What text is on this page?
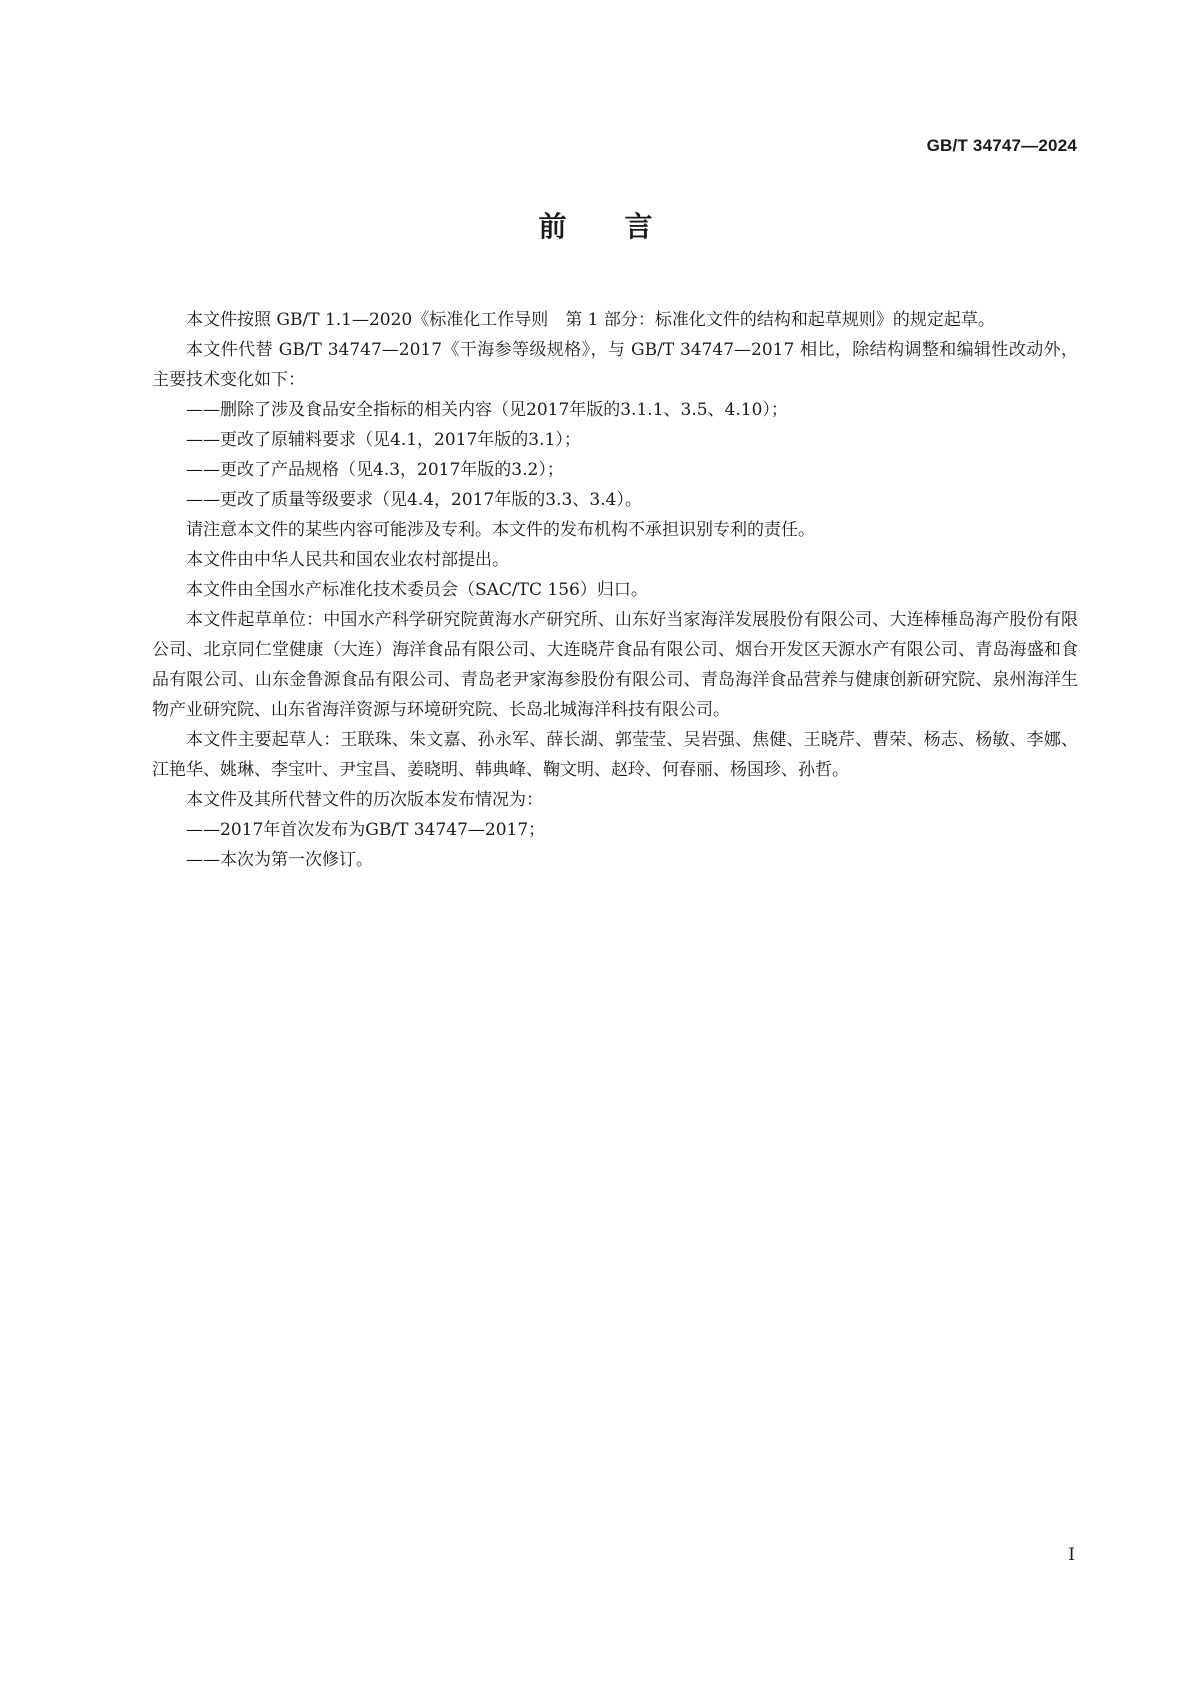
GB/T 34747—2024
前言

本文件按照 GB/T 1.1—2020《标准化工作导则　第 1 部分：标准化文件的结构和起草规则》的规定起草。

本文件代替 GB/T 34747—2017《干海参等级规格》，与 GB/T 34747—2017 相比，除结构调整和编辑性改动外，主要技术变化如下：

——删除了涉及食品安全指标的相关内容（见2017年版的3.1.1、3.5、4.10）；

——更改了原辅料要求（见4.1，2017年版的3.1）；

——更改了产品规格（见4.3，2017年版的3.2）；

——更改了质量等级要求（见4.4，2017年版的3.3、3.4）。

请注意本文件的某些内容可能涉及专利。本文件的发布机构不承担识别专利的责任。

本文件由中华人民共和国农业农村部提出。

本文件由全国水产标准化技术委员会（SAC/TC 156）归口。

本文件起草单位：中国水产科学研究院黄海水产研究所、山东好当家海洋发展股份有限公司、大连棒棰岛海产股份有限公司、北京同仁堂健康（大连）海洋食品有限公司、大连晓芹食品有限公司、烟台开发区天源水产有限公司、青岛海盛和食品有限公司、山东金鲁源食品有限公司、青岛老尹家海参股份有限公司、青岛海洋食品营养与健康创新研究院、泉州海洋生物产业研究院、山东省海洋资源与环境研究院、长岛北城海洋科技有限公司。

本文件主要起草人：王联珠、朱文嘉、孙永军、薛长湖、郭莹莹、吴岩强、焦健、王晓芹、曹荣、杨志、杨敏、李娜、江艳华、姚琳、李宝叶、尹宝昌、姜晓明、韩典峰、鞠文明、赵玲、何春丽、杨国珍、孙哲。

本文件及其所代替文件的历次版本发布情况为：

——2017年首次发布为GB/T 34747—2017；

——本次为第一次修订。

I
